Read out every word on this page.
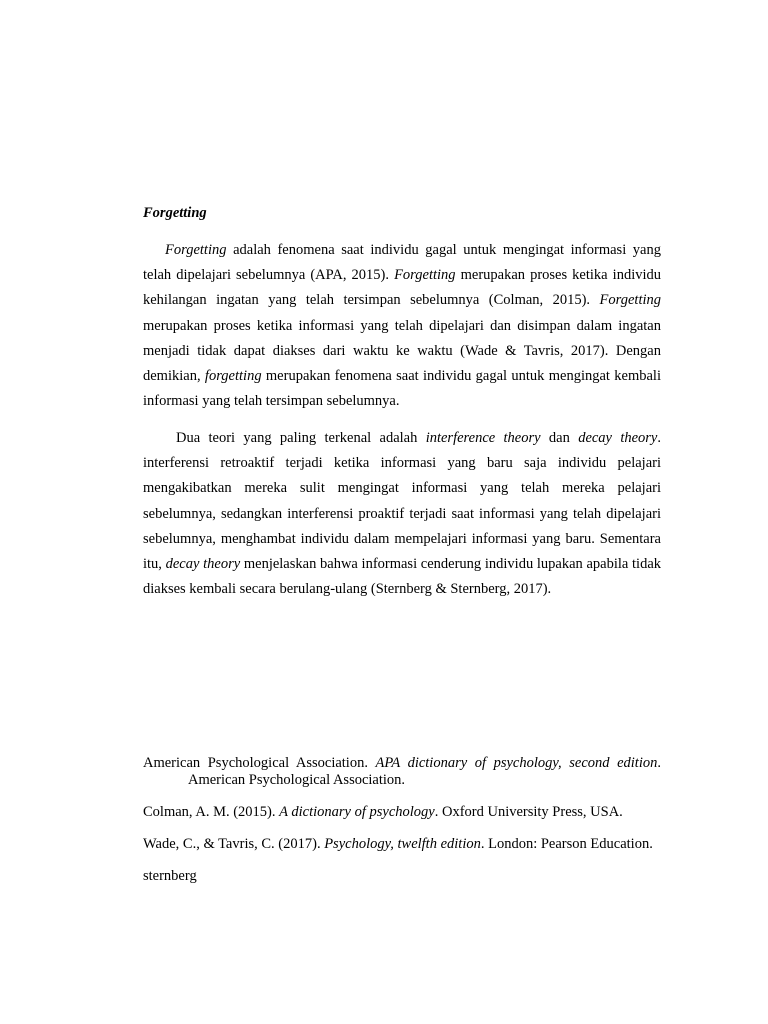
Forgetting

Forgetting adalah fenomena saat individu gagal untuk mengingat informasi yang telah dipelajari sebelumnya (APA, 2015). Forgetting merupakan proses ketika individu kehilangan ingatan yang telah tersimpan sebelumnya (Colman, 2015). Forgetting merupakan proses ketika informasi yang telah dipelajari dan disimpan dalam ingatan menjadi tidak dapat diakses dari waktu ke waktu (Wade & Tavris, 2017). Dengan demikian, forgetting merupakan fenomena saat individu gagal untuk mengingat kembali informasi yang telah tersimpan sebelumnya.

Dua teori yang paling terkenal adalah interference theory dan decay theory. interferensi retroaktif terjadi ketika informasi yang baru saja individu pelajari mengakibatkan mereka sulit mengingat informasi yang telah mereka pelajari sebelumnya, sedangkan interferensi proaktif terjadi saat informasi yang telah dipelajari sebelumnya, menghambat individu dalam mempelajari informasi yang baru. Sementara itu, decay theory menjelaskan bahwa informasi cenderung individu lupakan apabila tidak diakses kembali secara berulang-ulang (Sternberg & Sternberg, 2017).

American Psychological Association. APA dictionary of psychology, second edition. American Psychological Association.

Colman, A. M. (2015). A dictionary of psychology. Oxford University Press, USA.

Wade, C., & Tavris, C. (2017). Psychology, twelfth edition. London: Pearson Education.

sternberg
